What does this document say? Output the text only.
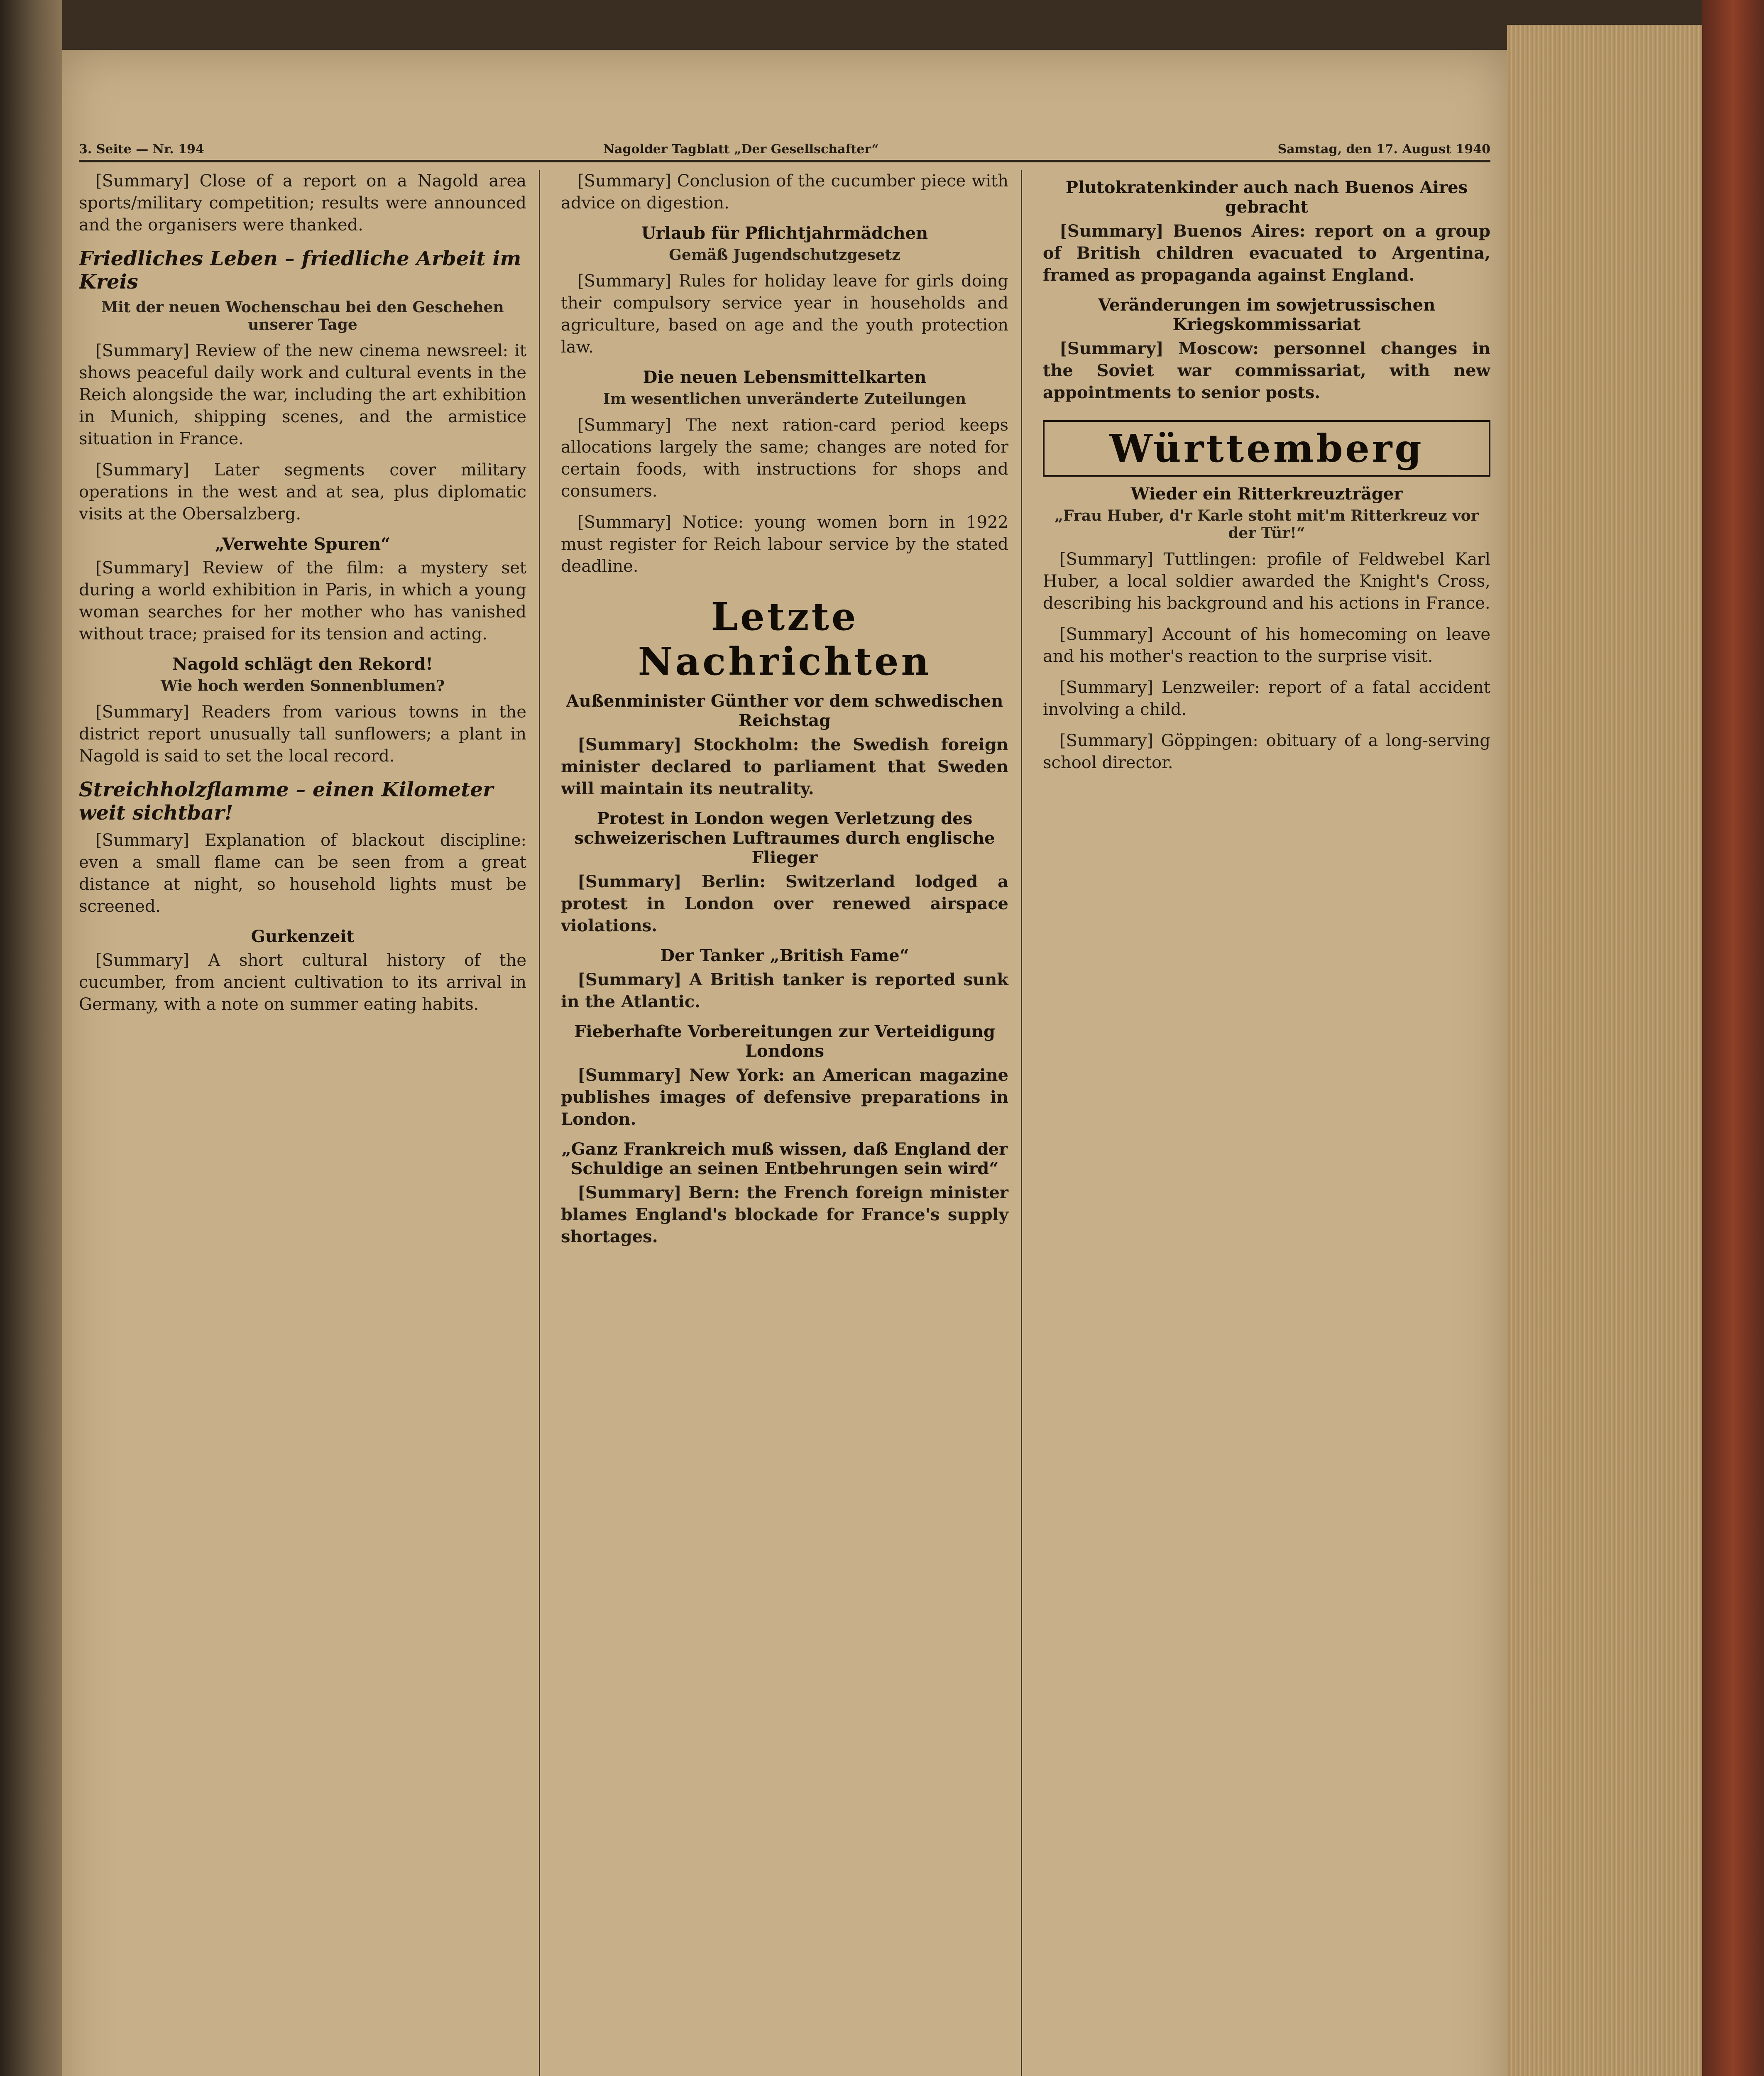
3. Seite — Nr. 194	Nagolder Tagblatt „Der Gesellschafter“	Samstag, den 17. August 1940

[Summary] Close of a report on a Nagold area sports/military competition; results were announced and the organisers were thanked.

Friedliches Leben – friedliche Arbeit im Kreis
Mit der neuen Wochenschau bei den Geschehen unserer Tage

[Summary] Review of the new cinema newsreel: it shows peaceful daily work and cultural events in the Reich alongside the war, including the art exhibition in Munich, shipping scenes, and the armistice situation in France.

[Summary] Later segments cover military operations in the west and at sea, plus diplomatic visits at the Obersalzberg.

„Verwehte Spuren“

[Summary] Review of the film: a mystery set during a world exhibition in Paris, in which a young woman searches for her mother who has vanished without trace; praised for its tension and acting.

Nagold schlägt den Rekord!
Wie hoch werden Sonnenblumen?

[Summary] Readers from various towns in the district report unusually tall sunflowers; a plant in Nagold is said to set the local record.

Streichholzflamme – einen Kilometer weit sichtbar!

[Summary] Explanation of blackout discipline: even a small flame can be seen from a great distance at night, so household lights must be screened.

Gurkenzeit

[Summary] A short cultural history of the cucumber, from ancient cultivation to its arrival in Germany, with a note on summer eating habits.

[Summary] Conclusion of the cucumber piece with advice on digestion.

Urlaub für Pflichtjahrmädchen
Gemäß Jugendschutzgesetz

[Summary] Rules for holiday leave for girls doing their compulsory service year in households and agriculture, based on age and the youth protection law.

Die neuen Lebensmittelkarten
Im wesentlichen unveränderte Zuteilungen

[Summary] The next ration-card period keeps allocations largely the same; changes are noted for certain foods, with instructions for shops and consumers.

[Summary] Notice: young women born in 1922 must register for Reich labour service by the stated deadline.

Letzte Nachrichten
Außenminister Günther vor dem schwedischen Reichstag

[Summary] Stockholm: the Swedish foreign minister declared to parliament that Sweden will maintain its neutrality.

Protest in London wegen Verletzung des schweizerischen Luftraumes durch englische Flieger

[Summary] Berlin: Switzerland lodged a protest in London over renewed airspace violations.

Der Tanker „British Fame“

[Summary] A British tanker is reported sunk in the Atlantic.

Fieberhafte Vorbereitungen zur Verteidigung Londons

[Summary] New York: an American magazine publishes images of defensive preparations in London.

„Ganz Frankreich muß wissen, daß England der Schuldige an seinen Entbehrungen sein wird“

[Summary] Bern: the French foreign minister blames England's blockade for France's supply shortages.

Plutokratenkinder auch nach Buenos Aires gebracht

[Summary] Buenos Aires: report on a group of British children evacuated to Argentina, framed as propaganda against England.

Veränderungen im sowjetrussischen Kriegskommissariat

[Summary] Moscow: personnel changes in the Soviet war commissariat, with new appointments to senior posts.

Württemberg
Wieder ein Ritterkreuzträger
„Frau Huber, d'r Karle stoht mit'm Ritterkreuz vor der Tür!“

[Summary] Tuttlingen: profile of Feldwebel Karl Huber, a local soldier awarded the Knight's Cross, describing his background and his actions in France.

[Summary] Account of his homecoming on leave and his mother's reaction to the surprise visit.

[Summary] Lenzweiler: report of a fatal accident involving a child.

[Summary] Göppingen: obituary of a long-serving school director.
